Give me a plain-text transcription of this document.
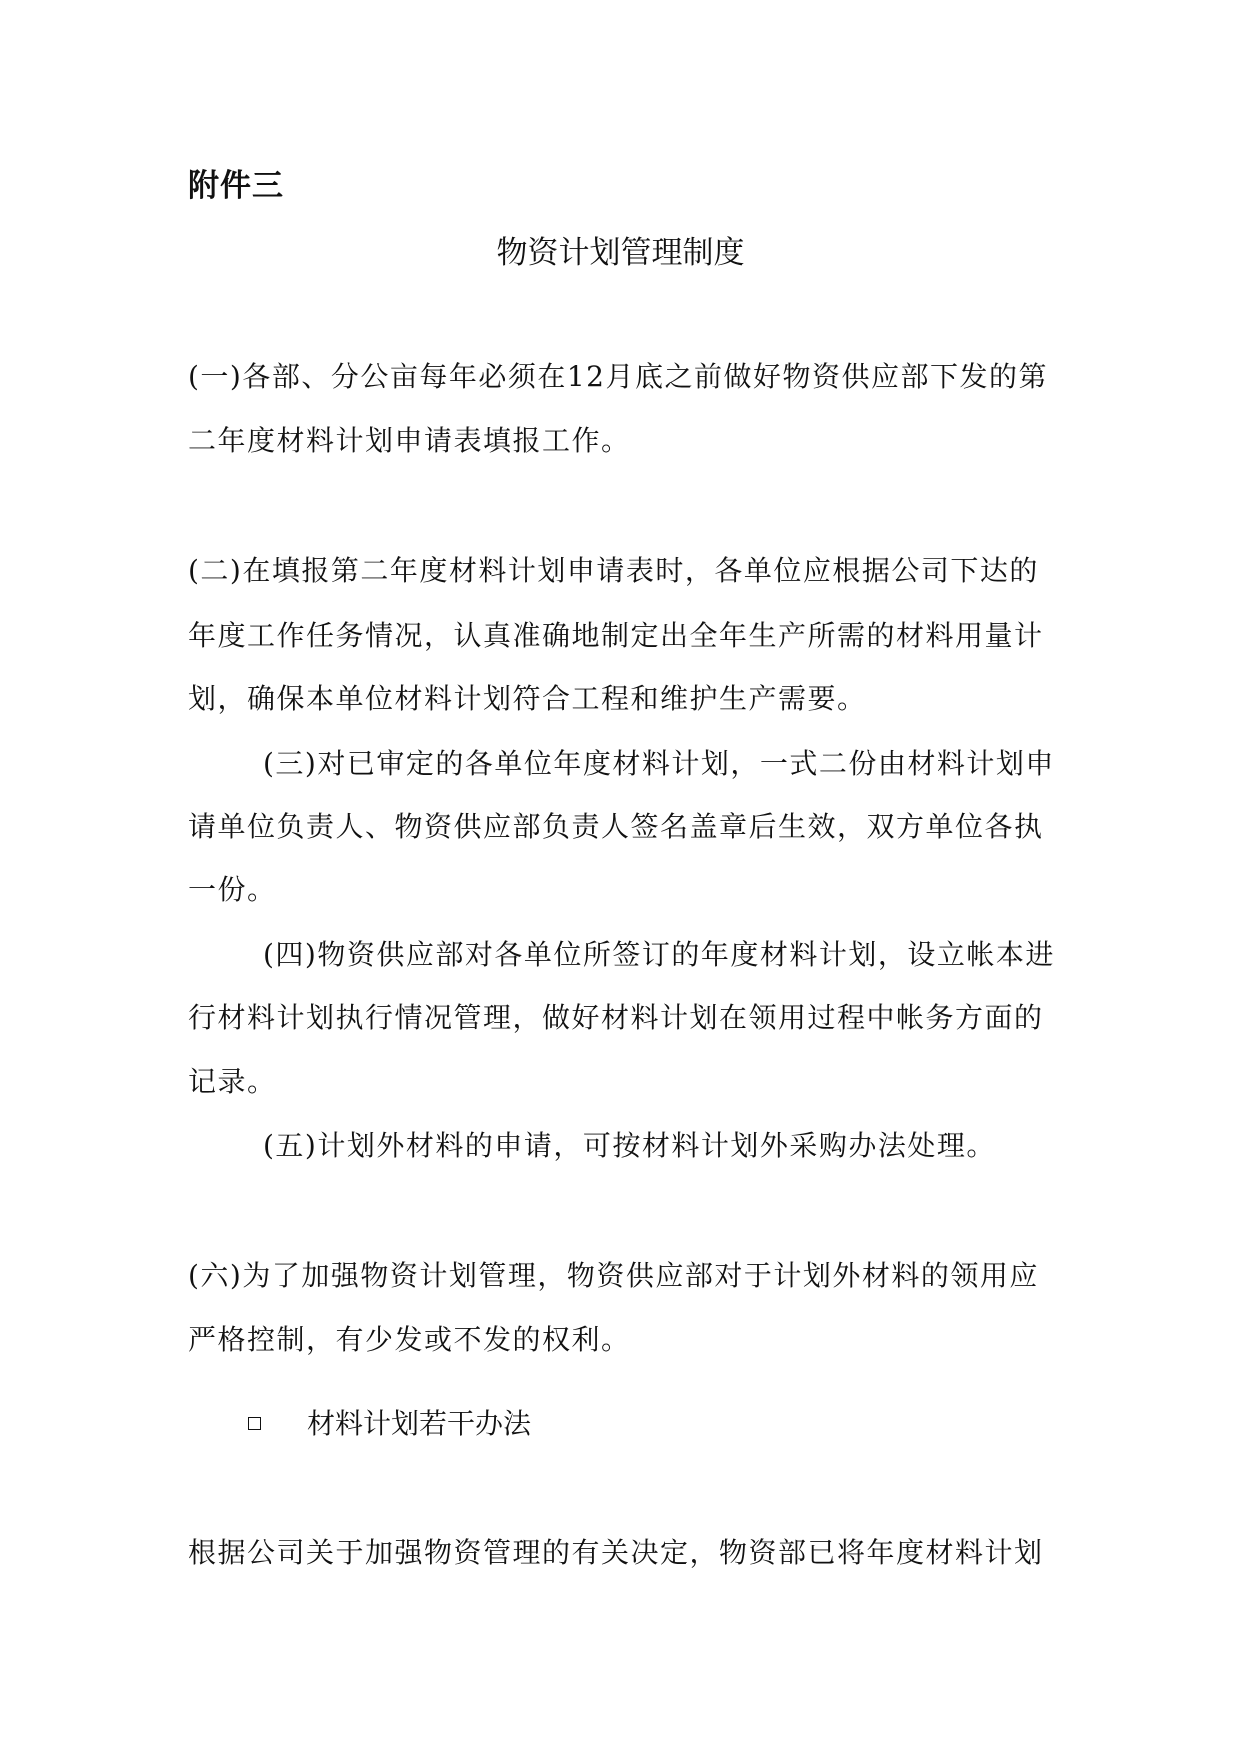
附件三
物资计划管理制度
(一)各部、分公亩每年必须在12月底之前做好物资供应部下发的第
二年度材料计划申请表填报工作。
(二)在填报第二年度材料计划申请表时，各单位应根据公司下达的
年度工作任务情况，认真准确地制定出全年生产所需的材料用量计
划，确保本单位材料计划符合工程和维护生产需要。
(三)对已审定的各单位年度材料计划，一式二份由材料计划申
请单位负责人、物资供应部负责人签名盖章后生效，双方单位各执
一份。
(四)物资供应部对各单位所签订的年度材料计划，设立帐本进
行材料计划执行情况管理，做好材料计划在领用过程中帐务方面的
记录。
(五)计划外材料的申请，可按材料计划外采购办法处理。
(六)为了加强物资计划管理，物资供应部对于计划外材料的领用应
严格控制，有少发或不发的权利。
材料计划若干办法
根据公司关于加强物资管理的有关决定，物资部已将年度材料计划
